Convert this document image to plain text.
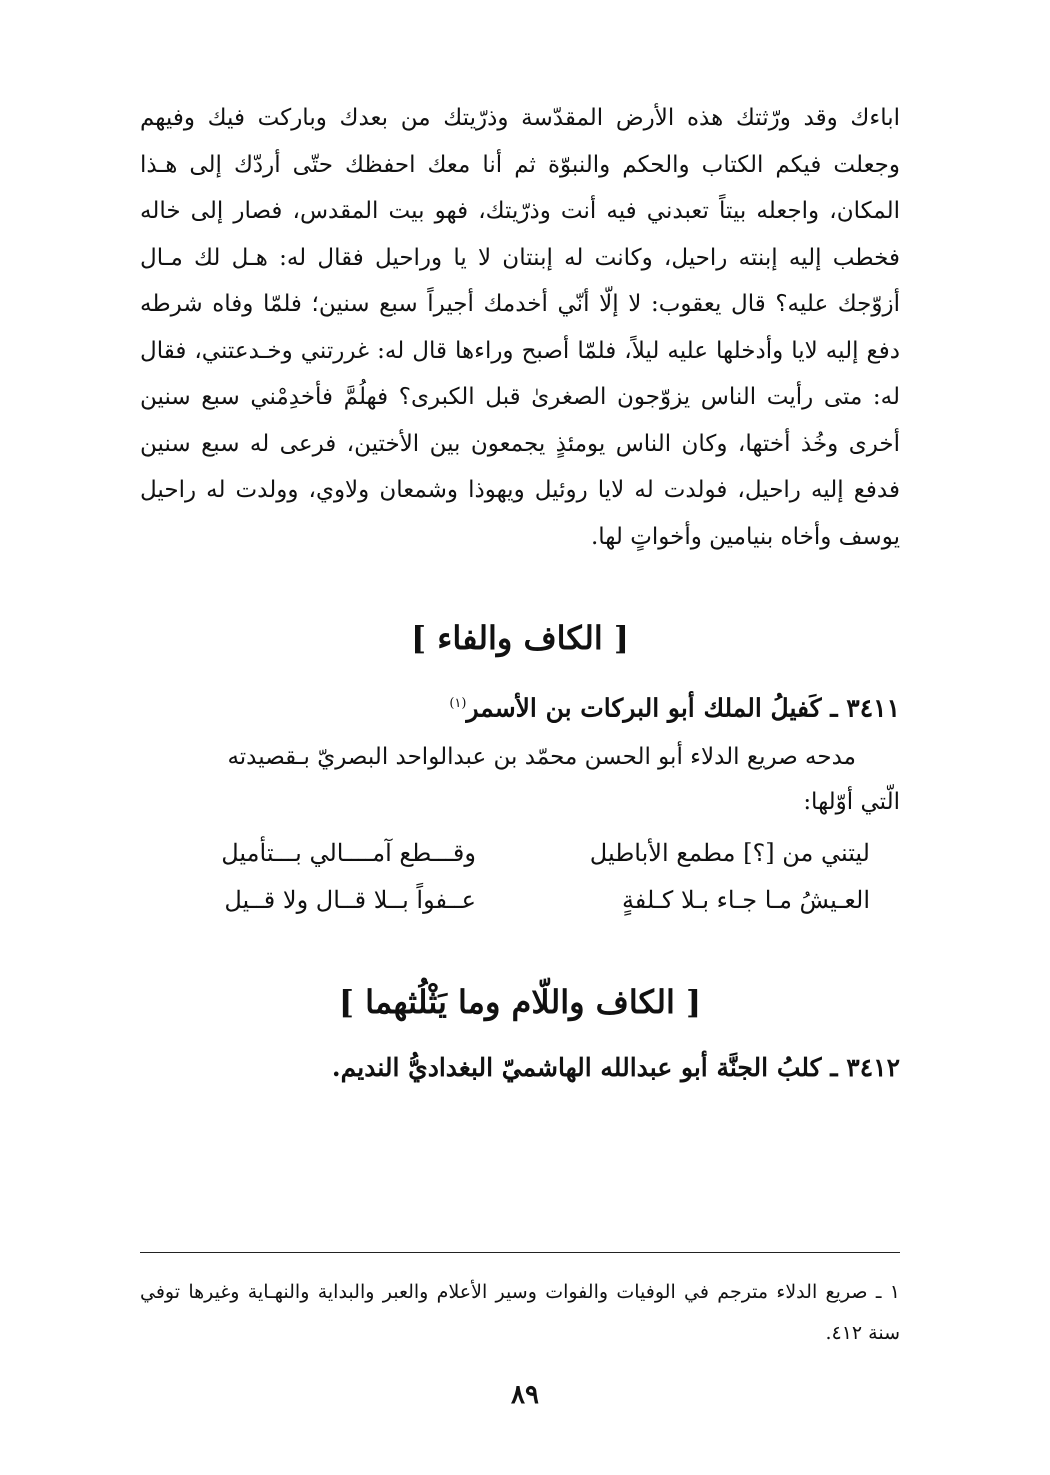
اباءك وقد ورّثتك هذه الأرض المقدّسة وذرّيتك من بعدك وباركت فيك وفيهم وجعلت فيكم الكتاب والحكم والنبوّة ثم أنا معك احفظك حتّى أردّك إلى هـذا المكان، واجعله بيتاً تعبدني فيه أنت وذرّيتك، فهو بيت المقدس، فصار إلى خاله فخطب إليه إبنته راحيل، وكانت له إبنتان لا يا وراحيل فقال له: هـل لك مـال أزوّجك عليه؟ قال يعقوب: لا إلّا أنّي أخدمك أجيراً سبع سنين؛ فلمّا وفاه شرطه دفع إليه لايا وأدخلها عليه ليلاً، فلمّا أصبح وراءها قال له: غررتني وخـدعتني، فقال له: متى رأيت الناس يزوّجون الصغرىٰ قبل الكبرى؟ فهلُمَّ فأخدِمْني سبع سنين أخرى وخُذ أختها، وكان الناس يومئذٍ يجمعون بين الأختين، فرعى له سبع سنين فدفع إليه راحيل، فولدت له لايا روئيل ويهوذا وشمعان ولاوي، وولدت له راحيل يوسف وأخاه بنيامين وأخواتٍ لها.

[ الكاف والفاء ]

٣٤١١ ـ كَفيلُ الملك أبو البركات بن الأسمر$^{(١)}$

مدحه صريع الدلاء أبو الحسن محمّد بن عبدالواحد البصريّ بـقصيدته

الّتي أوّلها:

ليتني من [؟] مطمع الأباطيل
وقـــطع آمــــالي بـــتأميل
العـيشُ مـا جـاء بـلا كـلفةٍ
عــفواً بــلا قــال ولا قــيل
[ الكاف واللّام وما يَثْلُثهما ]

٣٤١٢ ـ كلبُ الجنَّة أبو عبدالله الهاشميّ البغداديُّ النديم.

١ ـ صريع الدلاء مترجم في الوفيات والفوات وسير الأعلام والعبر والبداية والنهـاية وغيرها توفي سنة ٤١٢.
٨٩
